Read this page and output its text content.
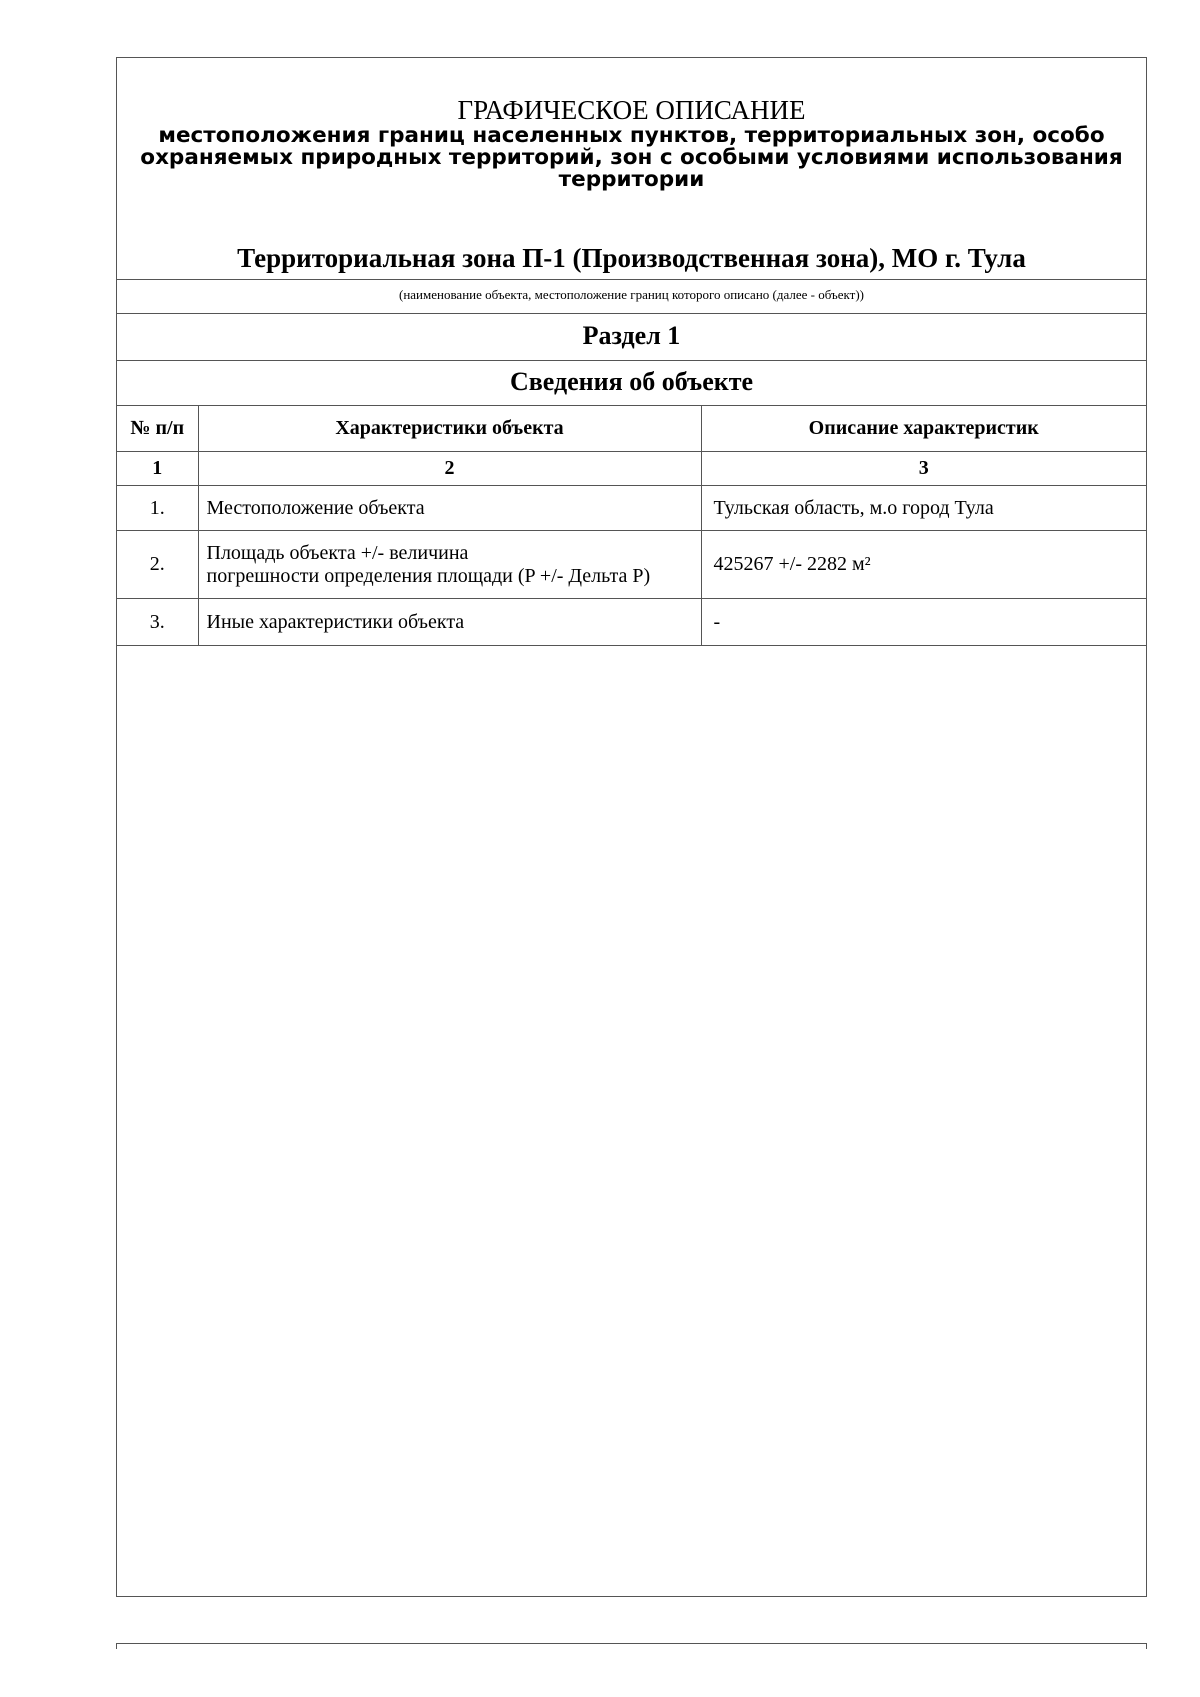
ГРАФИЧЕСКОЕ ОПИСАНИЕ
местоположения границ населенных пунктов, территориальных зон, особо охраняемых природных территорий, зон с особыми условиями использования территории
Территориальная зона П-1 (Производственная зона), МО г. Тула
(наименование объекта, местоположение границ которого описано (далее - объект))
Раздел 1
Сведения об объекте
№ п/п	Характеристики объекта	Описание характеристик
1	2	3
1.	Местоположение объекта	Тульская область, м.о город Тула
2.	Площадь объекта +/- величина
погрешности определения площади (P +/- Дельта P)	425267 +/- 2282 м²
3.	Иные характеристики объекта	-
